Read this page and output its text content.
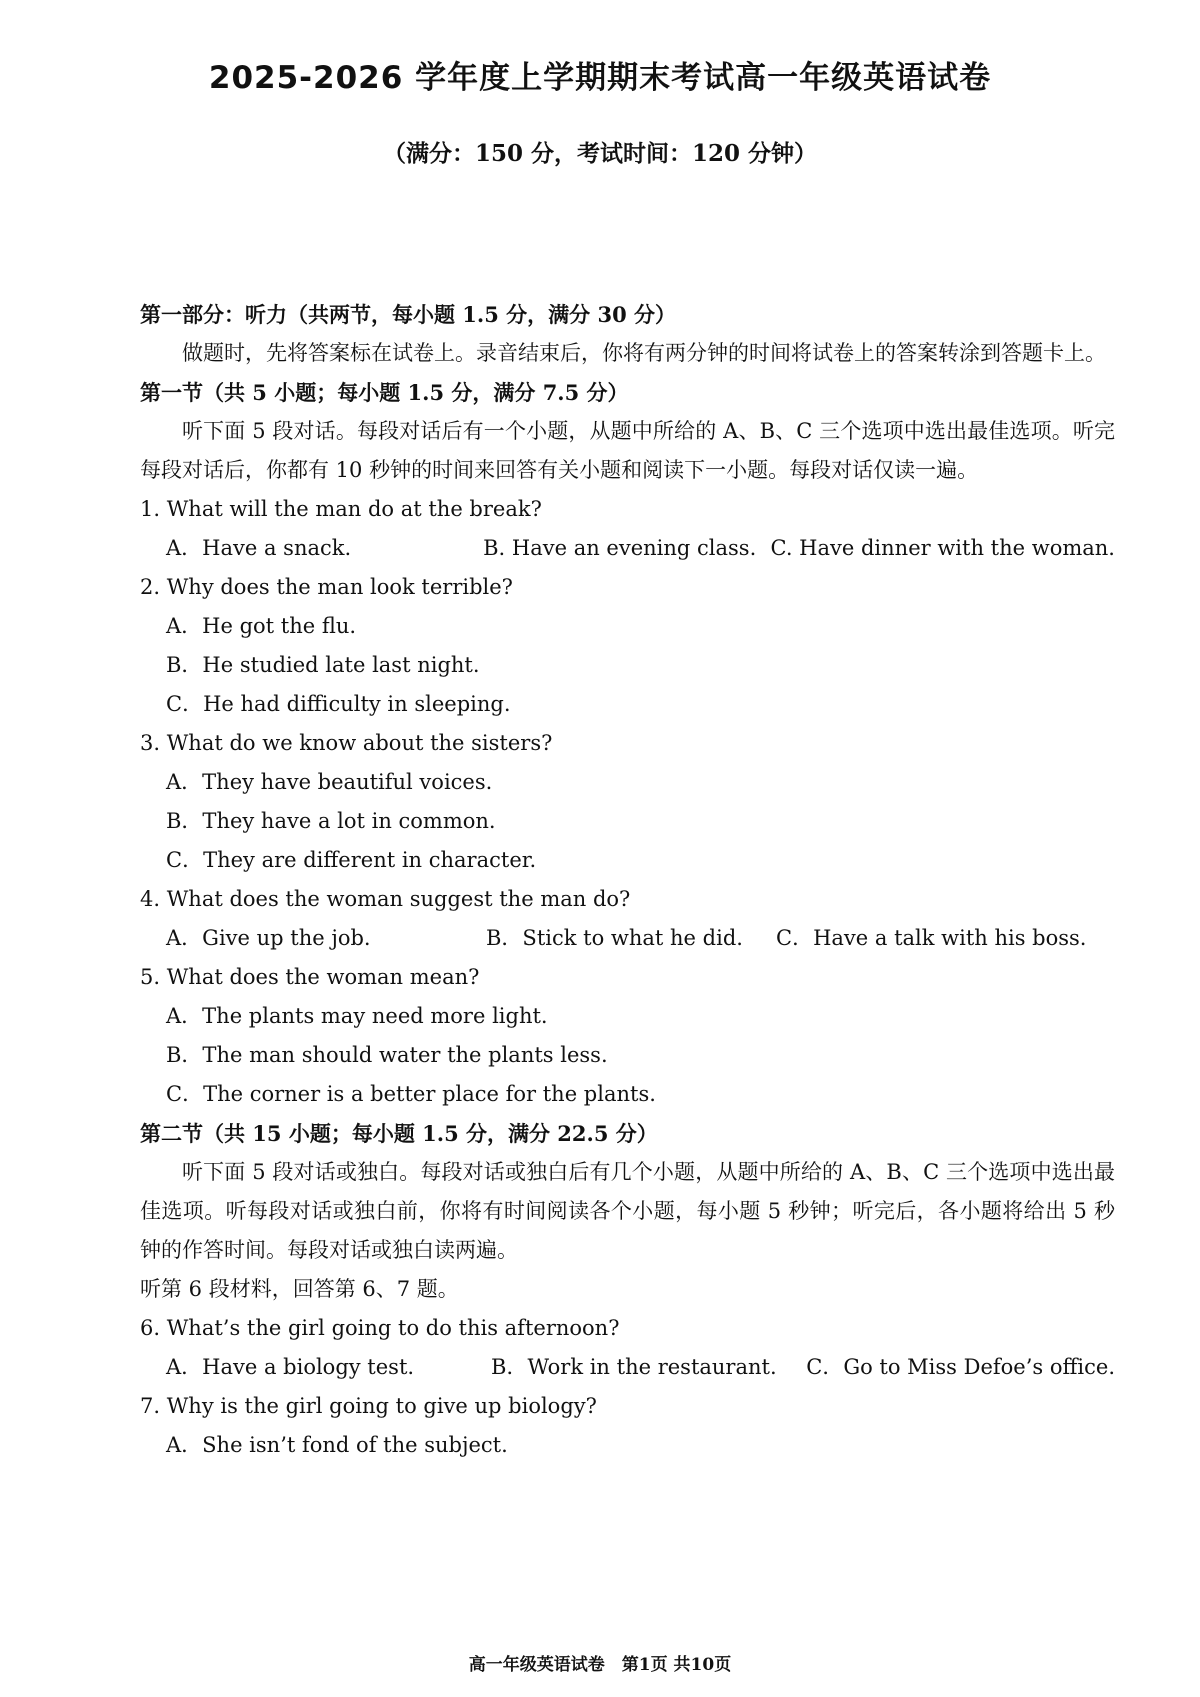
2025-2026 学年度上学期期末考试高一年级英语试卷
（满分：150 分，考试时间：120 分钟）
第一部分：听力（共两节，每小题 1.5 分，满分 30 分）
做题时，先将答案标在试卷上。录音结束后，你将有两分钟的时间将试卷上的答案转涂到答题卡上。
第一节（共 5 小题；每小题 1.5 分，满分 7.5 分）
听下面 5 段对话。每段对话后有一个小题，从题中所给的 A、B、C 三个选项中选出最佳选项。听完每段对话后，你都有 10 秒钟的时间来回答有关小题和阅读下一小题。每段对话仅读一遍。
1. What will the man do at the break?
A．Have a snack.	B. Have an evening class. C. Have dinner with the woman.
2. Why does the man look terrible?
A．He got the flu.
B．He studied late last night.
C．He had difficulty in sleeping.
3. What do we know about the sisters?
A．They have beautiful voices.
B．They have a lot in common.
C．They are different in character.
4. What does the woman suggest the man do?
A．Give up the job.	B．Stick to what he did.	C．Have a talk with his boss.
5. What does the woman mean?
A．The plants may need more light.
B．The man should water the plants less.
C．The corner is a better place for the plants.
第二节（共 15 小题；每小题 1.5 分，满分 22.5 分）
听下面 5 段对话或独白。每段对话或独白后有几个小题，从题中所给的 A、B、C 三个选项中选出最佳选项。听每段对话或独白前，你将有时间阅读各个小题，每小题 5 秒钟；听完后，各小题将给出 5 秒钟的作答时间。每段对话或独白读两遍。
听第 6 段材料，回答第 6、7 题。
6. What’s the girl going to do this afternoon?
A．Have a biology test.	B．Work in the restaurant.	C．Go to Miss Defoe’s office.
7. Why is the girl going to give up biology?
A．She isn’t fond of the subject.
高一年级英语试卷　第1页 共10页
